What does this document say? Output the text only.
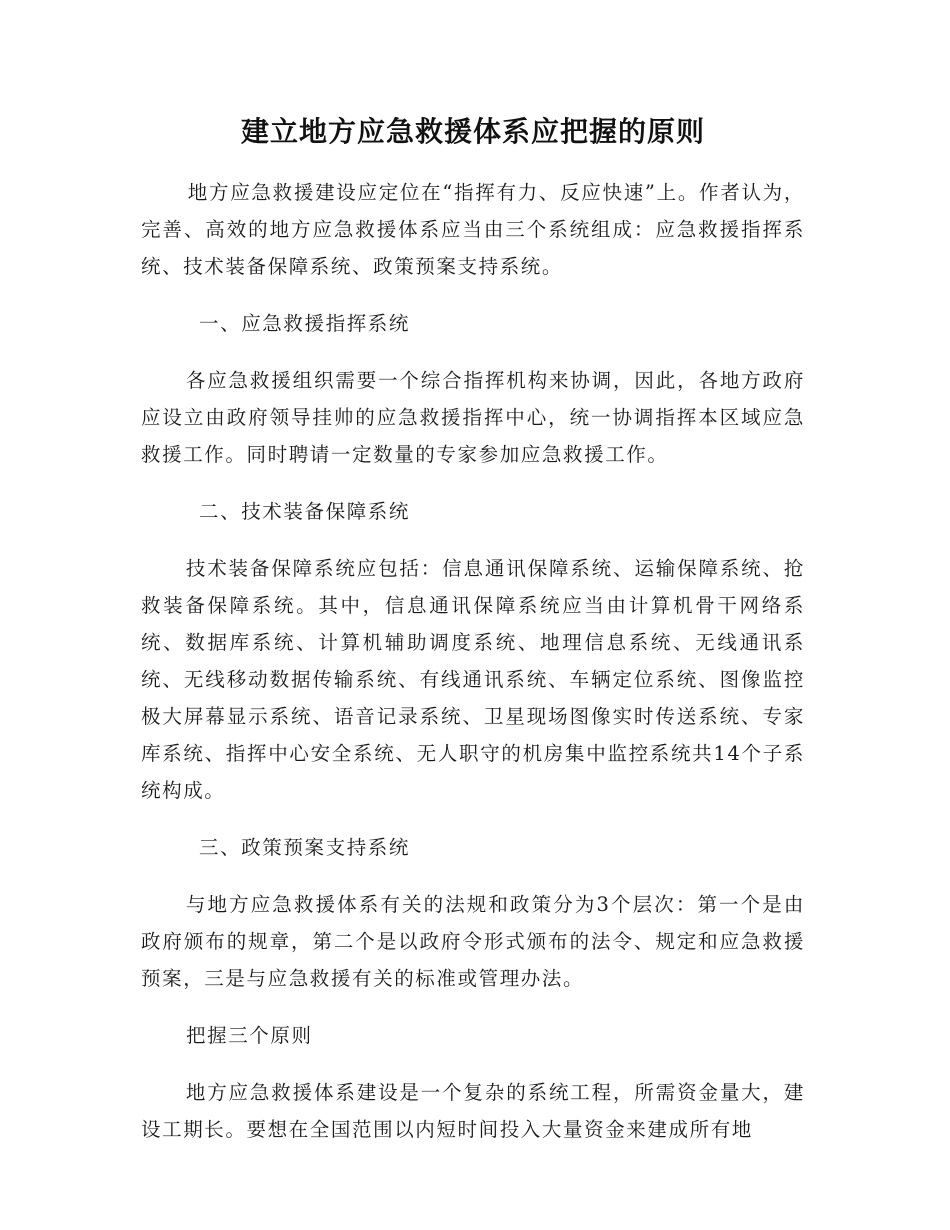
建立地方应急救援体系应把握的原则

地方应急救援建设应定位在“指挥有力、反应快速”上。作者认为，完善、高效的地方应急救援体系应当由三个系统组成：应急救援指挥系统、技术装备保障系统、政策预案支持系统。

一、应急救援指挥系统

各应急救援组织需要一个综合指挥机构来协调，因此，各地方政府应设立由政府领导挂帅的应急救援指挥中心，统一协调指挥本区域应急救援工作。同时聘请一定数量的专家参加应急救援工作。

二、技术装备保障系统

技术装备保障系统应包括：信息通讯保障系统、运输保障系统、抢救装备保障系统。其中，信息通讯保障系统应当由计算机骨干网络系统、数据库系统、计算机辅助调度系统、地理信息系统、无线通讯系统、无线移动数据传输系统、有线通讯系统、车辆定位系统、图像监控极大屏幕显示系统、语音记录系统、卫星现场图像实时传送系统、专家库系统、指挥中心安全系统、无人职守的机房集中监控系统共14个子系统构成。

三、政策预案支持系统

与地方应急救援体系有关的法规和政策分为3个层次：第一个是由政府颁布的规章，第二个是以政府令形式颁布的法令、规定和应急救援预案，三是与应急救援有关的标准或管理办法。

把握三个原则

地方应急救援体系建设是一个复杂的系统工程，所需资金量大，建设工期长。要想在全国范围以内短时间投入大量资金来建成所有地
